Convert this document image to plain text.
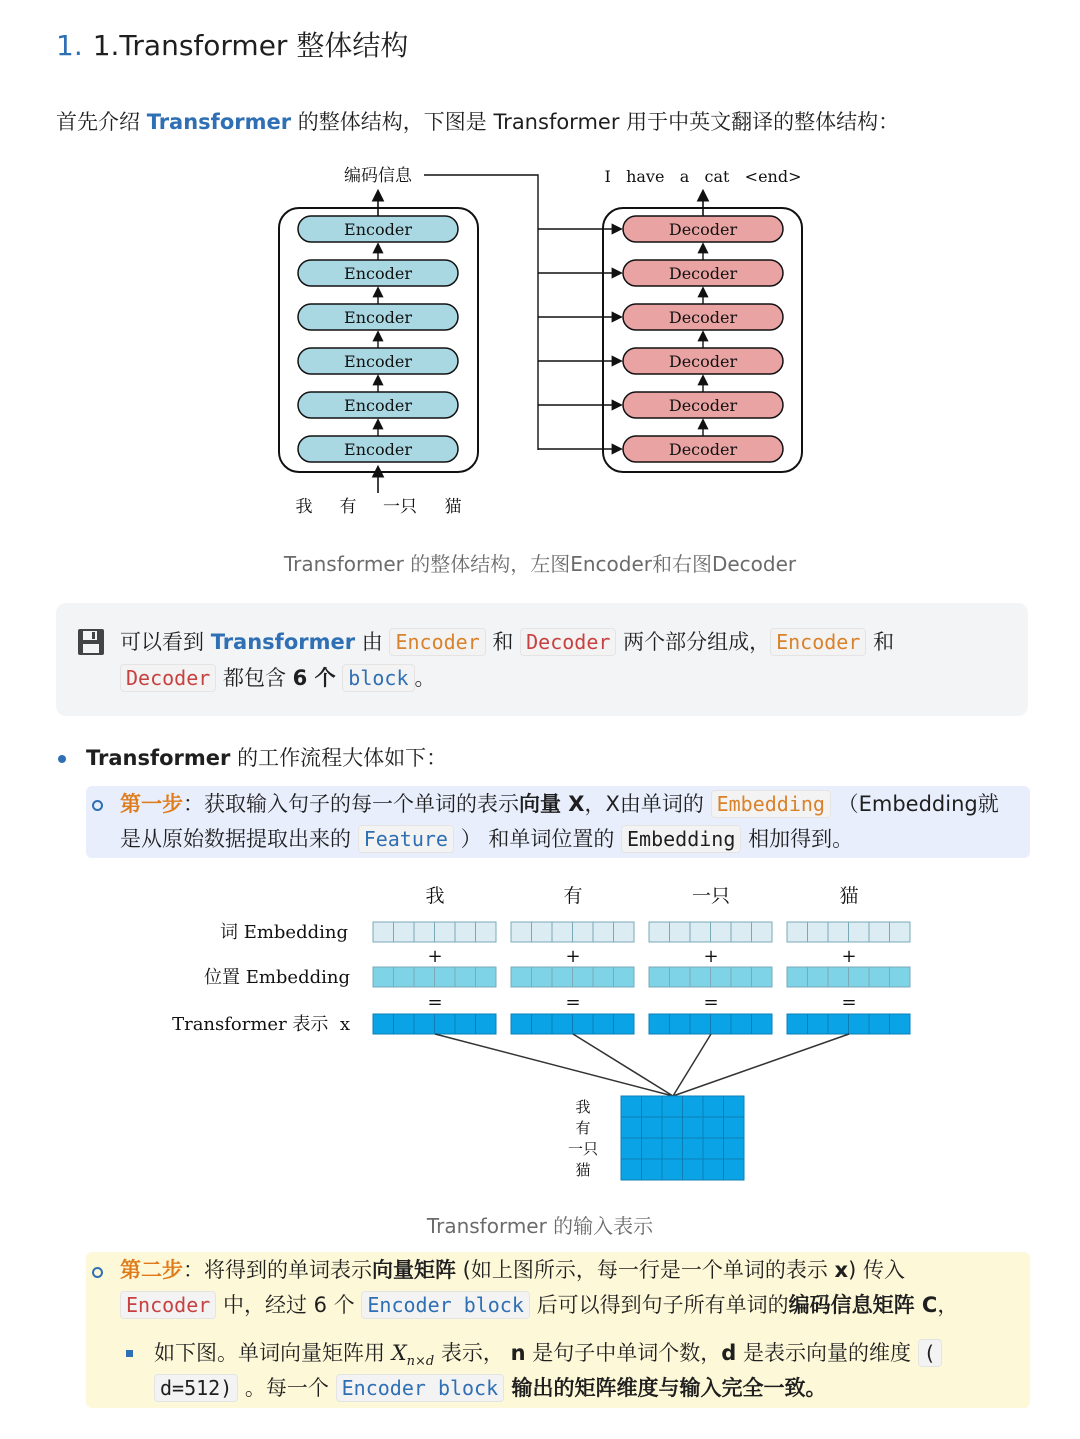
1. 1.Transformer 整体结构
首先介绍 Transformer 的整体结构，下图是 Transformer 用于中英文翻译的整体结构：
编码信息	I   have   a   cat   <end>
Encoder
Encoder
Encoder
Encoder
Encoder
Encoder
Decoder
Decoder
Decoder
Decoder
Decoder
Decoder
我 有 一只 猫
Transformer 的整体结构，左图Encoder和右图Decoder
可以看到 Transformer 由 Encoder 和 Decoder 两个部分组成， Encoder 和
Decoder 都包含 6 个 block 。
Transformer 的工作流程大体如下：
第一步：获取输入句子的每一个单词的表示向量 X，X由单词的 Embedding （Embedding就
是从原始数据提取出来的 Feature ） 和单词位置的 Embedding 相加得到。
我	有	一只	猫
词 Embedding
位置 Embedding
Transformer 表示  x
+
=
+
=
+
=
+
=
我
有
一只
猫
Transformer 的输入表示
第二步：将得到的单词表示向量矩阵 (如上图所示，每一行是一个单词的表示 x) 传入
Encoder 中，经过 6 个 Encoder block 后可以得到句子所有单词的编码信息矩阵 C，
如下图。单词向量矩阵用 $X_{n\times d}$ 表示， n 是句子中单词个数，d 是表示向量的维度 (
d=512) 。每一个 Encoder block 输出的矩阵维度与输入完全一致。
